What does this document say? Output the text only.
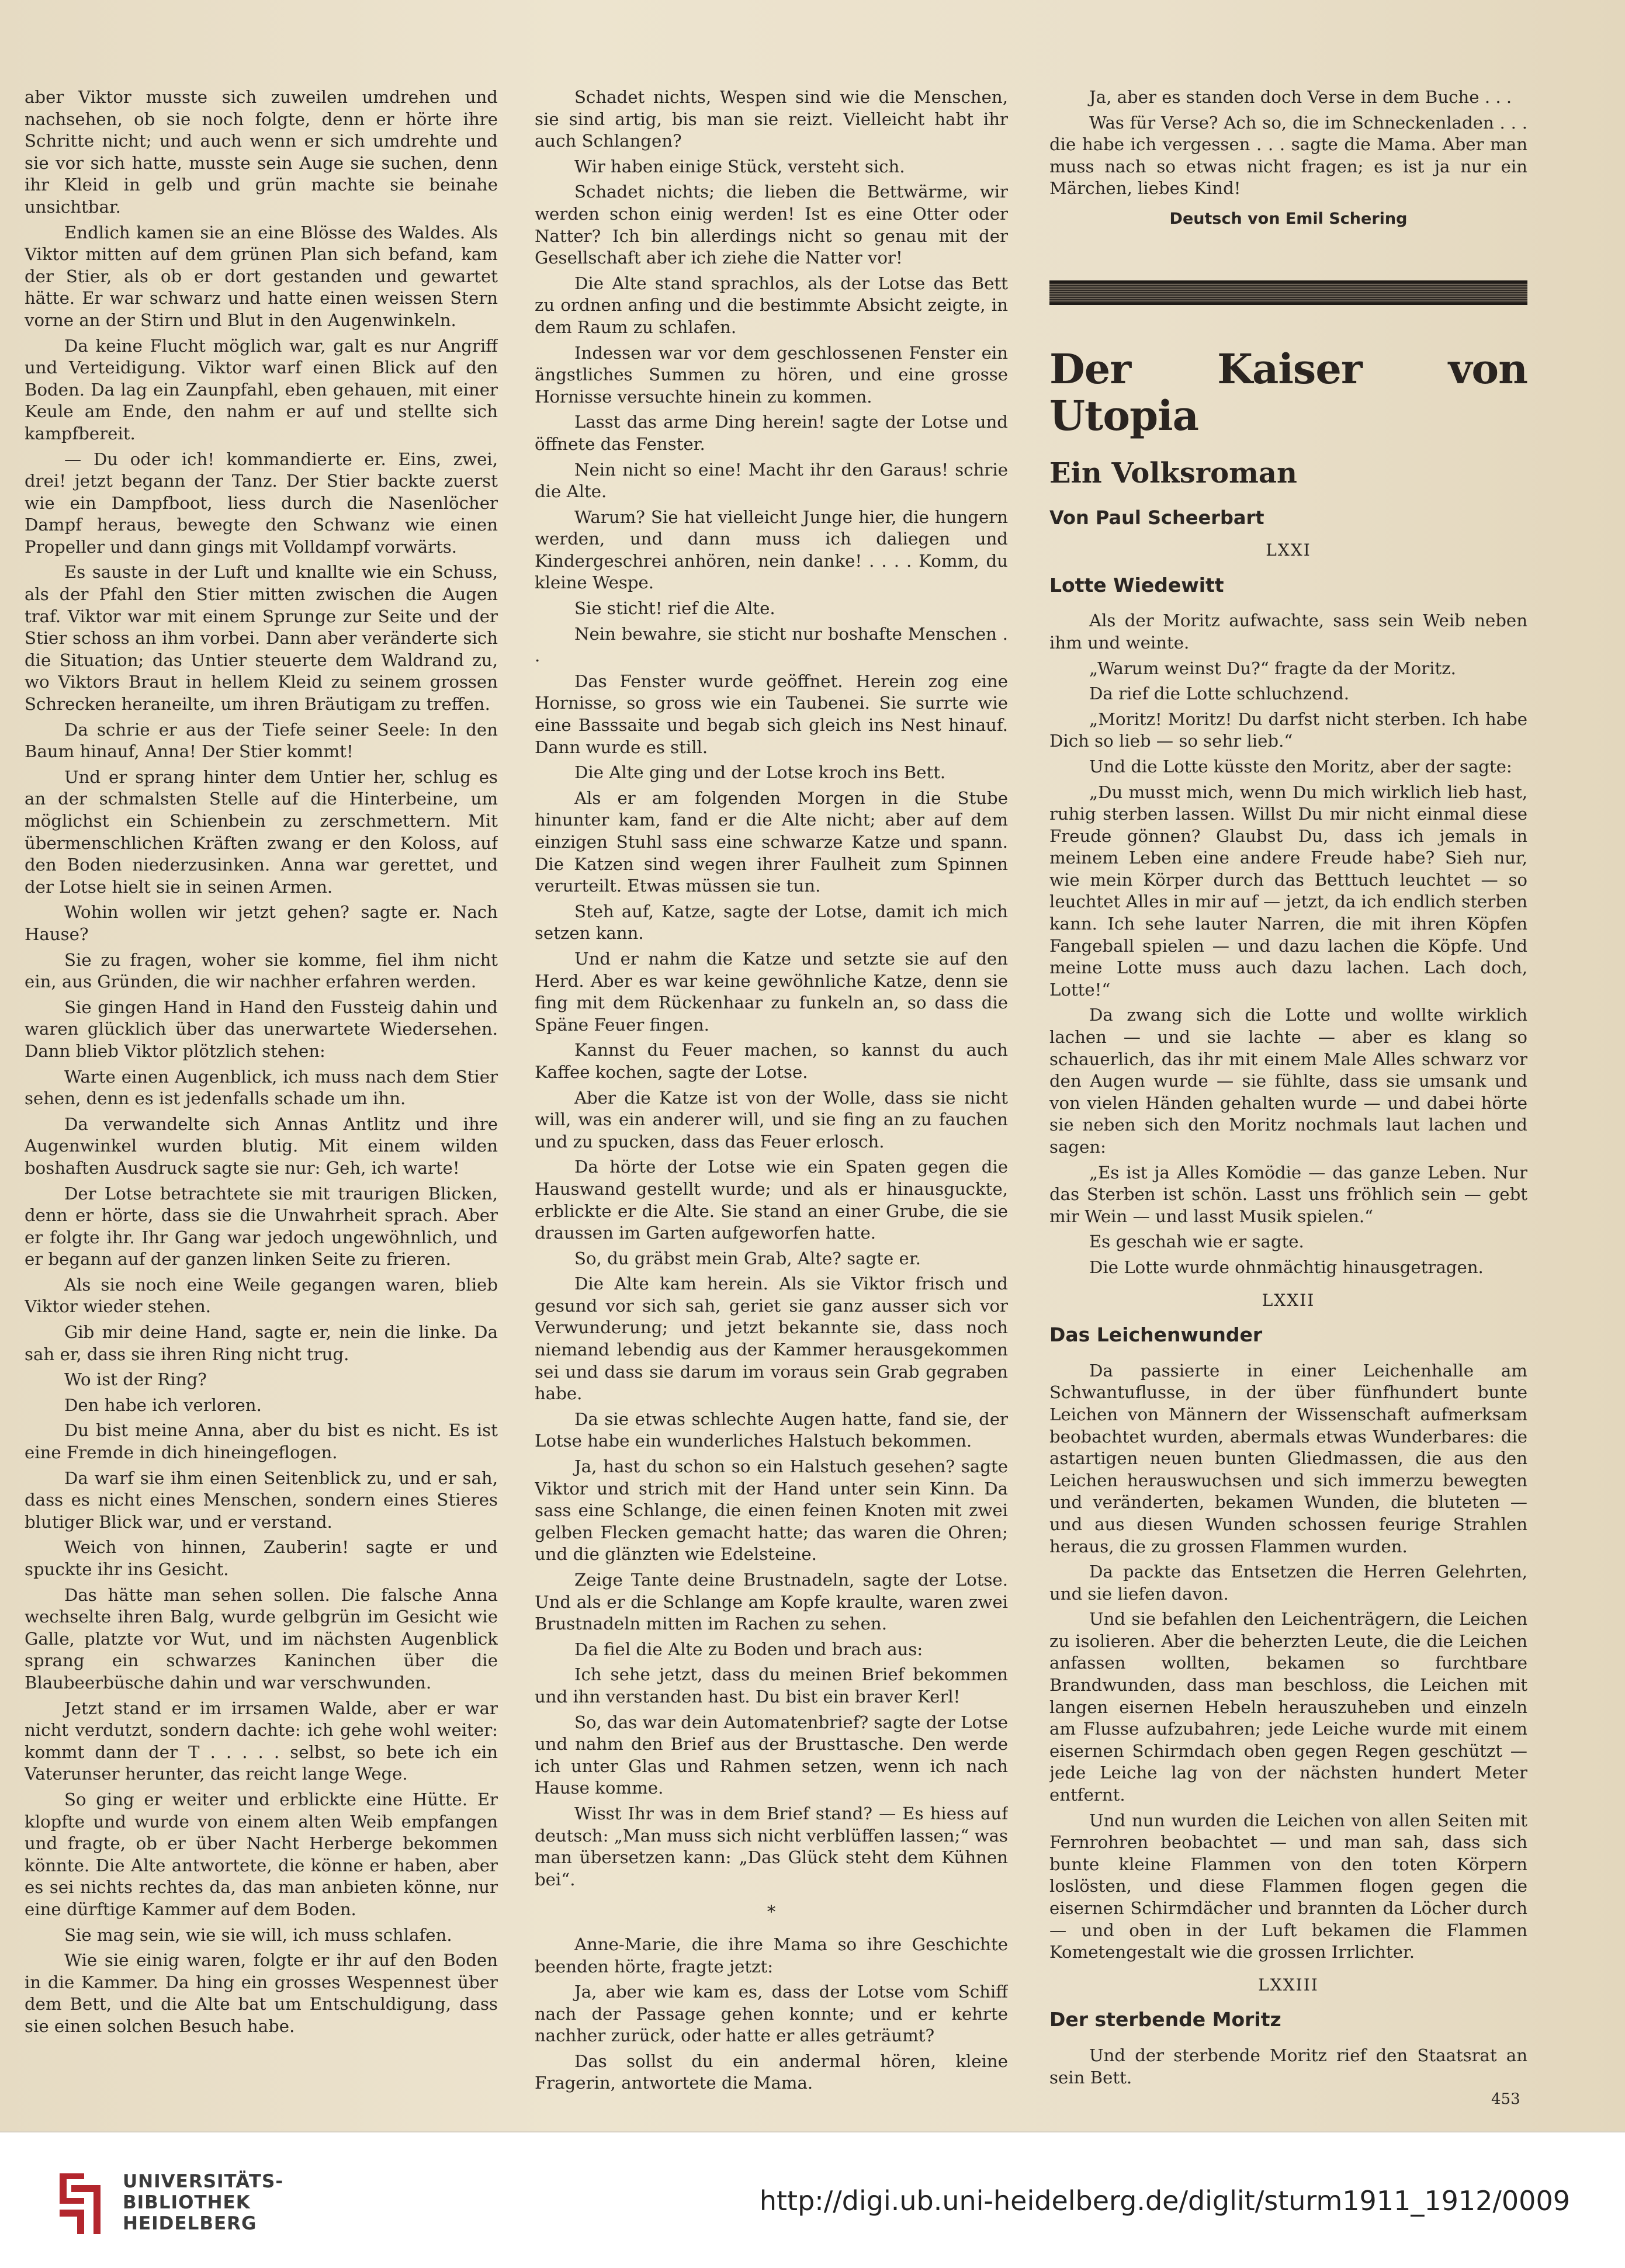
aber Viktor musste sich zuweilen umdrehen und nachsehen, ob sie noch folgte, denn er hörte ihre Schritte nicht; und auch wenn er sich umdrehte und sie vor sich hatte, musste sein Auge sie suchen, denn ihr Kleid in gelb und grün machte sie beinahe unsichtbar.

Endlich kamen sie an eine Blösse des Waldes. Als Viktor mitten auf dem grünen Plan sich befand, kam der Stier, als ob er dort gestanden und gewartet hätte. Er war schwarz und hatte einen weissen Stern vorne an der Stirn und Blut in den Augenwinkeln.

Da keine Flucht möglich war, galt es nur Angriff und Verteidigung. Viktor warf einen Blick auf den Boden. Da lag ein Zaunpfahl, eben gehauen, mit einer Keule am Ende, den nahm er auf und stellte sich kampfbereit.

— Du oder ich! kommandierte er. Eins, zwei, drei! jetzt begann der Tanz. Der Stier backte zuerst wie ein Dampfboot, liess durch die Nasenlöcher Dampf heraus, bewegte den Schwanz wie einen Propeller und dann gings mit Volldampf vorwärts.

Es sauste in der Luft und knallte wie ein Schuss, als der Pfahl den Stier mitten zwischen die Augen traf. Viktor war mit einem Sprunge zur Seite und der Stier schoss an ihm vorbei. Dann aber veränderte sich die Situation; das Untier steuerte dem Waldrand zu, wo Viktors Braut in hellem Kleid zu seinem grossen Schrecken heraneilte, um ihren Bräutigam zu treffen.

Da schrie er aus der Tiefe seiner Seele: In den Baum hinauf, Anna! Der Stier kommt!

Und er sprang hinter dem Untier her, schlug es an der schmalsten Stelle auf die Hinterbeine, um möglichst ein Schienbein zu zerschmettern. Mit übermenschlichen Kräften zwang er den Koloss, auf den Boden niederzusinken. Anna war gerettet, und der Lotse hielt sie in seinen Armen.

Wohin wollen wir jetzt gehen? sagte er. Nach Hause?

Sie zu fragen, woher sie komme, fiel ihm nicht ein, aus Gründen, die wir nachher erfahren werden.

Sie gingen Hand in Hand den Fussteig dahin und waren glücklich über das unerwartete Wiedersehen. Dann blieb Viktor plötzlich stehen:

Warte einen Augenblick, ich muss nach dem Stier sehen, denn es ist jedenfalls schade um ihn.

Da verwandelte sich Annas Antlitz und ihre Augenwinkel wurden blutig. Mit einem wilden boshaften Ausdruck sagte sie nur: Geh, ich warte!

Der Lotse betrachtete sie mit traurigen Blicken, denn er hörte, dass sie die Unwahrheit sprach. Aber er folgte ihr. Ihr Gang war jedoch ungewöhnlich, und er begann auf der ganzen linken Seite zu frieren.

Als sie noch eine Weile gegangen waren, blieb Viktor wieder stehen.

Gib mir deine Hand, sagte er, nein die linke. Da sah er, dass sie ihren Ring nicht trug.

Wo ist der Ring?

Den habe ich verloren.

Du bist meine Anna, aber du bist es nicht. Es ist eine Fremde in dich hineingeflogen.

Da warf sie ihm einen Seitenblick zu, und er sah, dass es nicht eines Menschen, sondern eines Stieres blutiger Blick war, und er verstand.

Weich von hinnen, Zauberin! sagte er und spuckte ihr ins Gesicht.

Das hätte man sehen sollen. Die falsche Anna wechselte ihren Balg, wurde gelbgrün im Gesicht wie Galle, platzte vor Wut, und im nächsten Augenblick sprang ein schwarzes Kaninchen über die Blaubeerbüsche dahin und war verschwunden.

Jetzt stand er im irrsamen Walde, aber er war nicht verdutzt, sondern dachte: ich gehe wohl weiter: kommt dann der T . . . . . selbst, so bete ich ein Vaterunser herunter, das reicht lange Wege.

So ging er weiter und erblickte eine Hütte. Er klopfte und wurde von einem alten Weib empfangen und fragte, ob er über Nacht Herberge bekommen könnte. Die Alte antwortete, die könne er haben, aber es sei nichts rechtes da, das man anbieten könne, nur eine dürftige Kammer auf dem Boden.

Sie mag sein, wie sie will, ich muss schlafen.

Wie sie einig waren, folgte er ihr auf den Boden in die Kammer. Da hing ein grosses Wespennest über dem Bett, und die Alte bat um Entschuldigung, dass sie einen solchen Besuch habe.

Schadet nichts, Wespen sind wie die Menschen, sie sind artig, bis man sie reizt. Vielleicht habt ihr auch Schlangen?

Wir haben einige Stück, versteht sich.

Schadet nichts; die lieben die Bettwärme, wir werden schon einig werden! Ist es eine Otter oder Natter? Ich bin allerdings nicht so genau mit der Gesellschaft aber ich ziehe die Natter vor!

Die Alte stand sprachlos, als der Lotse das Bett zu ordnen anfing und die bestimmte Absicht zeigte, in dem Raum zu schlafen.

Indessen war vor dem geschlossenen Fenster ein ängstliches Summen zu hören, und eine grosse Hornisse versuchte hinein zu kommen.

Lasst das arme Ding herein! sagte der Lotse und öffnete das Fenster.

Nein nicht so eine! Macht ihr den Garaus! schrie die Alte.

Warum? Sie hat vielleicht Junge hier, die hungern werden, und dann muss ich daliegen und Kindergeschrei anhören, nein danke! . . . . Komm, du kleine Wespe.

Sie sticht! rief die Alte.

Nein bewahre, sie sticht nur boshafte Menschen . .

Das Fenster wurde geöffnet. Herein zog eine Hornisse, so gross wie ein Taubenei. Sie surrte wie eine Basssaite und begab sich gleich ins Nest hinauf. Dann wurde es still.

Die Alte ging und der Lotse kroch ins Bett.

Als er am folgenden Morgen in die Stube hinunter kam, fand er die Alte nicht; aber auf dem einzigen Stuhl sass eine schwarze Katze und spann. Die Katzen sind wegen ihrer Faulheit zum Spinnen verurteilt. Etwas müssen sie tun.

Steh auf, Katze, sagte der Lotse, damit ich mich setzen kann.

Und er nahm die Katze und setzte sie auf den Herd. Aber es war keine gewöhnliche Katze, denn sie fing mit dem Rückenhaar zu funkeln an, so dass die Späne Feuer fingen.

Kannst du Feuer machen, so kannst du auch Kaffee kochen, sagte der Lotse.

Aber die Katze ist von der Wolle, dass sie nicht will, was ein anderer will, und sie fing an zu fauchen und zu spucken, dass das Feuer erlosch.

Da hörte der Lotse wie ein Spaten gegen die Hauswand gestellt wurde; und als er hinausguckte, erblickte er die Alte. Sie stand an einer Grube, die sie draussen im Garten aufgeworfen hatte.

So, du gräbst mein Grab, Alte? sagte er.

Die Alte kam herein. Als sie Viktor frisch und gesund vor sich sah, geriet sie ganz ausser sich vor Verwunderung; und jetzt bekannte sie, dass noch niemand lebendig aus der Kammer herausgekommen sei und dass sie darum im voraus sein Grab gegraben habe.

Da sie etwas schlechte Augen hatte, fand sie, der Lotse habe ein wunderliches Halstuch bekommen.

Ja, hast du schon so ein Halstuch gesehen? sagte Viktor und strich mit der Hand unter sein Kinn. Da sass eine Schlange, die einen feinen Knoten mit zwei gelben Flecken gemacht hatte; das waren die Ohren; und die glänzten wie Edelsteine.

Zeige Tante deine Brustnadeln, sagte der Lotse. Und als er die Schlange am Kopfe kraulte, waren zwei Brustnadeln mitten im Rachen zu sehen.

Da fiel die Alte zu Boden und brach aus:

Ich sehe jetzt, dass du meinen Brief bekommen und ihn verstanden hast. Du bist ein braver Kerl!

So, das war dein Automatenbrief? sagte der Lotse und nahm den Brief aus der Brusttasche. Den werde ich unter Glas und Rahmen setzen, wenn ich nach Hause komme.

Wisst Ihr was in dem Brief stand? — Es hiess auf deutsch: „Man muss sich nicht verblüffen lassen;“ was man übersetzen kann: „Das Glück steht dem Kühnen bei“.

*

Anne-Marie, die ihre Mama so ihre Geschichte beenden hörte, fragte jetzt:

Ja, aber wie kam es, dass der Lotse vom Schiff nach der Passage gehen konnte; und er kehrte nachher zurück, oder hatte er alles geträumt?

Das sollst du ein andermal hören, kleine Fragerin, antwortete die Mama.

Ja, aber es standen doch Verse in dem Buche . . .

Was für Verse? Ach so, die im Schneckenladen . . . die habe ich vergessen . . . sagte die Mama. Aber man muss nach so etwas nicht fragen; es ist ja nur ein Märchen, liebes Kind!

Deutsch von Emil Schering

Der Kaiser von Utopia
Ein Volksroman
Von Paul Scheerbart
LXXI
Lotte Wiedewitt

Als der Moritz aufwachte, sass sein Weib neben ihm und weinte.

„Warum weinst Du?“ fragte da der Moritz.

Da rief die Lotte schluchzend.

„Moritz! Moritz! Du darfst nicht sterben. Ich habe Dich so lieb — so sehr lieb.“

Und die Lotte küsste den Moritz, aber der sagte:

„Du musst mich, wenn Du mich wirklich lieb hast, ruhig sterben lassen. Willst Du mir nicht einmal diese Freude gönnen? Glaubst Du, dass ich jemals in meinem Leben eine andere Freude habe? Sieh nur, wie mein Körper durch das Betttuch leuchtet — so leuchtet Alles in mir auf — jetzt, da ich endlich sterben kann. Ich sehe lauter Narren, die mit ihren Köpfen Fangeball spielen — und dazu lachen die Köpfe. Und meine Lotte muss auch dazu lachen. Lach doch, Lotte!“

Da zwang sich die Lotte und wollte wirklich lachen — und sie lachte — aber es klang so schauerlich, das ihr mit einem Male Alles schwarz vor den Augen wurde — sie fühlte, dass sie umsank und von vielen Händen gehalten wurde — und dabei hörte sie neben sich den Moritz nochmals laut lachen und sagen:

„Es ist ja Alles Komödie — das ganze Leben. Nur das Sterben ist schön. Lasst uns fröhlich sein — gebt mir Wein — und lasst Musik spielen.“

Es geschah wie er sagte.

Die Lotte wurde ohnmächtig hinausgetragen.

LXXII
Das Leichenwunder

Da passierte in einer Leichenhalle am Schwantuflusse, in der über fünfhundert bunte Leichen von Männern der Wissenschaft aufmerksam beobachtet wurden, abermals etwas Wunderbares: die astartigen neuen bunten Gliedmassen, die aus den Leichen herauswuchsen und sich immerzu bewegten und veränderten, bekamen Wunden, die bluteten — und aus diesen Wunden schossen feurige Strahlen heraus, die zu grossen Flammen wurden.

Da packte das Entsetzen die Herren Gelehrten, und sie liefen davon.

Und sie befahlen den Leichenträgern, die Leichen zu isolieren. Aber die beherzten Leute, die die Leichen anfassen wollten, bekamen so furchtbare Brandwunden, dass man beschloss, die Leichen mit langen eisernen Hebeln herauszuheben und einzeln am Flusse aufzubahren; jede Leiche wurde mit einem eisernen Schirmdach oben gegen Regen geschützt — jede Leiche lag von der nächsten hundert Meter entfernt.

Und nun wurden die Leichen von allen Seiten mit Fernrohren beobachtet — und man sah, dass sich bunte kleine Flammen von den toten Körpern loslösten, und diese Flammen flogen gegen die eisernen Schirmdächer und brannten da Löcher durch — und oben in der Luft bekamen die Flammen Kometengestalt wie die grossen Irrlichter.

LXXIII
Der sterbende Moritz

Und der sterbende Moritz rief den Staatsrat an sein Bett.

453
UNIVERSITÄTS-
BIBLIOTHEK
HEIDELBERG
http://digi.ub.uni-heidelberg.de/diglit/sturm1911_1912/0009
